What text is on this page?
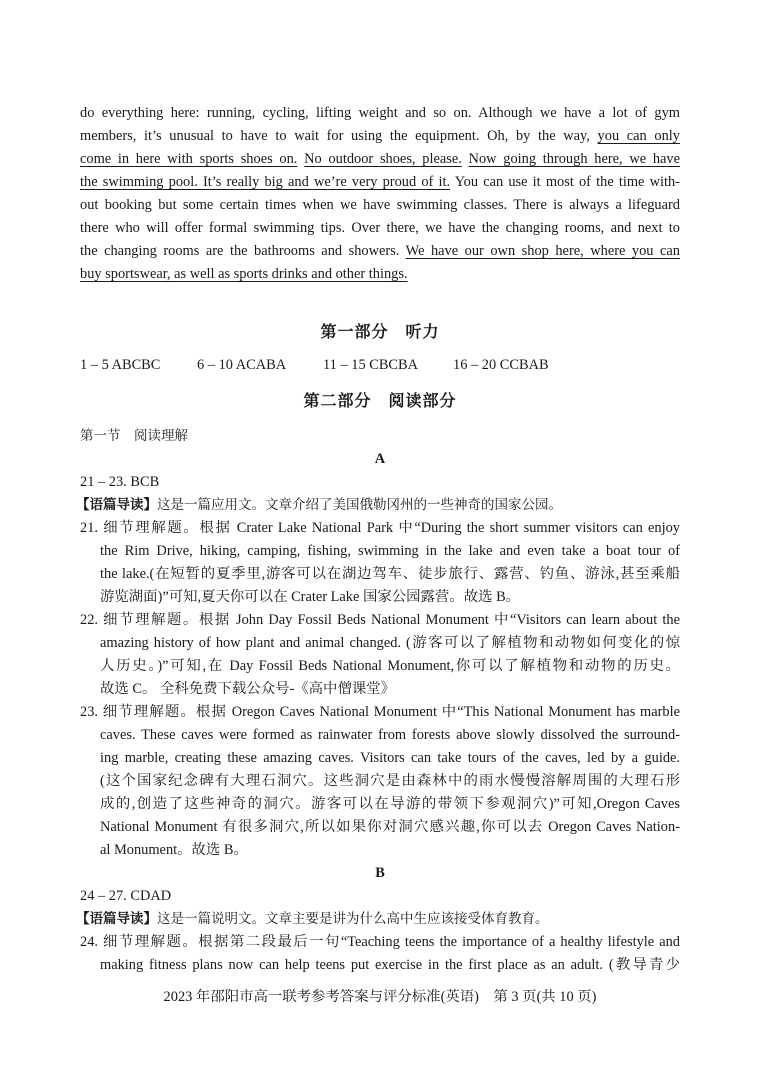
do everything here: running, cycling, lifting weight and so on. Although we have a lot of gym
members, it’s unusual to have to wait for using the equipment. Oh, by the way, you can only
come in here with sports shoes on. No outdoor shoes, please. Now going through here, we have
the swimming pool. It’s really big and we’re very proud of it. You can use it most of the time with-
out booking but some certain times when we have swimming classes. There is always a lifeguard
there who will offer formal swimming tips. Over there, we have the changing rooms, and next to
the changing rooms are the bathrooms and showers. We have our own shop here, where you can
buy sportswear, as well as sports drinks and other things.
第一部分　听力
1 – 5 ABCBC	6 – 10 ACABA	11 – 15 CBCBA 16 – 20 CCBAB
第二部分　阅读部分
第一节　阅读理解
A
21 – 23. BCB
【语篇导读】这是一篇应用文。文章介绍了美国俄勒冈州的一些神奇的国家公园。
21. 细节理解题。根据 Crater Lake National Park 中“During the short summer visitors can enjoy
the Rim Drive, hiking, camping, fishing, swimming in the lake and even take a boat tour of
the lake.(在短暂的夏季里,游客可以在湖边驾车、徒步旅行、露营、钓鱼、游泳,甚至乘船
游览湖面)”可知,夏天你可以在 Crater Lake 国家公园露营。故选 B。
22. 细节理解题。根据 John Day Fossil Beds National Monument 中“Visitors can learn about the
amazing history of how plant and animal changed. (游客可以了解植物和动物如何变化的惊
人历史。)”可知,在 Day Fossil Beds National Monument,你可以了解植物和动物的历史。
故选 C。 全科免费下载公众号-《高中僧课堂》
23. 细节理解题。根据 Oregon Caves National Monument 中“This National Monument has marble
caves. These caves were formed as rainwater from forests above slowly dissolved the surround-
ing marble, creating these amazing caves. Visitors can take tours of the caves, led by a guide.
(这个国家纪念碑有大理石洞穴。这些洞穴是由森林中的雨水慢慢溶解周围的大理石形
成的,创造了这些神奇的洞穴。游客可以在导游的带领下参观洞穴)”可知,Oregon Caves
National Monument 有很多洞穴,所以如果你对洞穴感兴趣,你可以去 Oregon Caves Nation-
al Monument。故选 B。
B
24 – 27. CDAD
【语篇导读】这是一篇说明文。文章主要是讲为什么高中生应该接受体育教育。
24. 细节理解题。根据第二段最后一句“Teaching teens the importance of a healthy lifestyle and
making fitness plans now can help teens put exercise in the first place as an adult. (教导青少
2023 年邵阳市高一联考参考答案与评分标准(英语)　第 3 页(共 10 页)
